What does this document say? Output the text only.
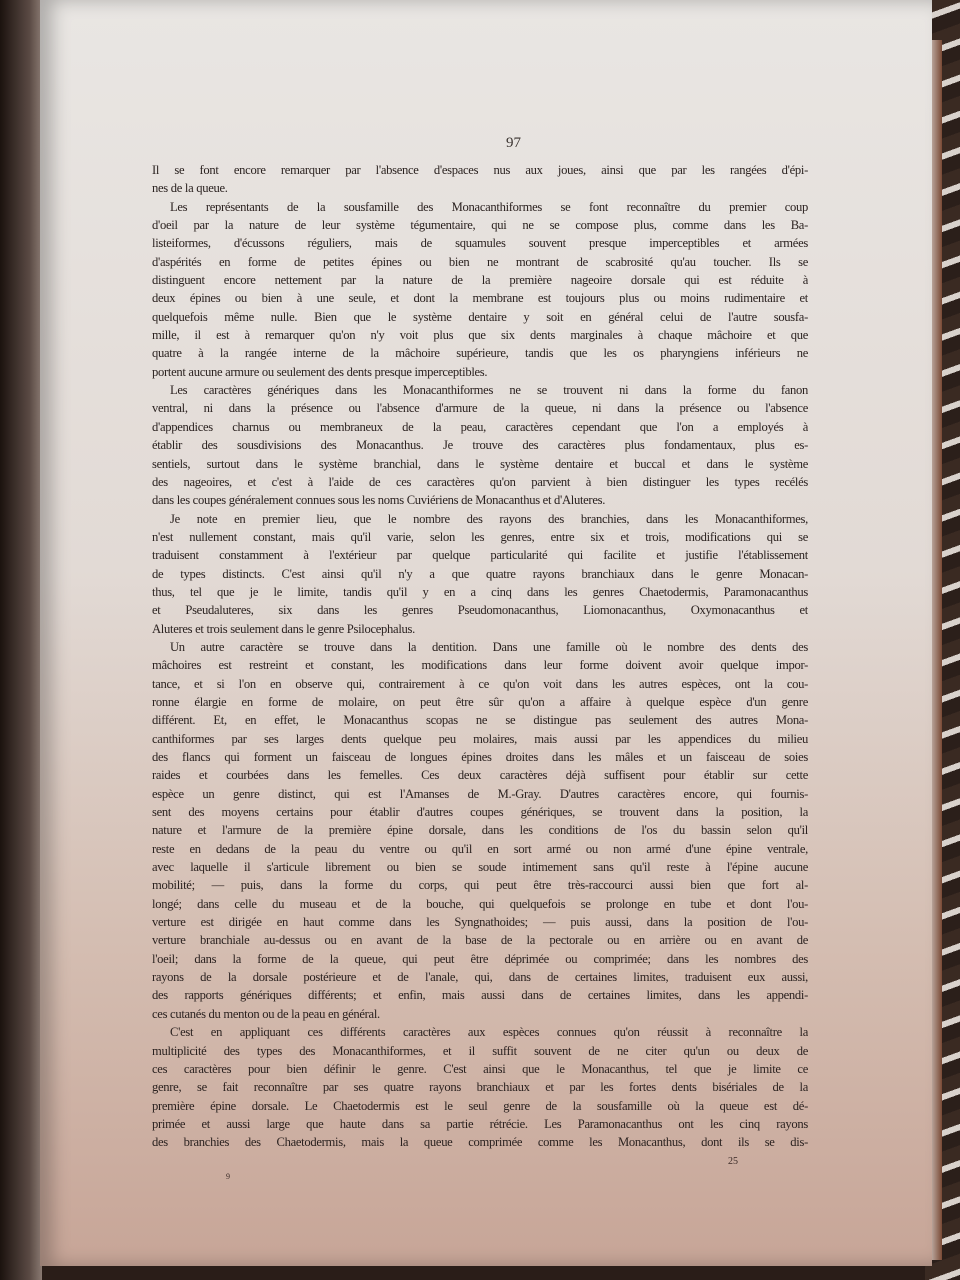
97
Il se font encore remarquer par l'absence d'espaces nus aux joues, ainsi que par les rangées d'épi-
nes de la queue.
Les représentants de la sousfamille des Monacanthiformes se font reconnaître du premier coup
d'oeil par la nature de leur système tégumentaire, qui ne se compose plus, comme dans les Ba-
listeiformes, d'écussons réguliers, mais de squamules souvent presque imperceptibles et armées
d'aspérités en forme de petites épines ou bien ne montrant de scabrosité qu'au toucher. Ils se
distinguent encore nettement par la nature de la première nageoire dorsale qui est réduite à
deux épines ou bien à une seule, et dont la membrane est toujours plus ou moins rudimentaire et
quelquefois même nulle. Bien que le système dentaire y soit en général celui de l'autre sousfa-
mille, il est à remarquer qu'on n'y voit plus que six dents marginales à chaque mâchoire et que
quatre à la rangée interne de la mâchoire supérieure, tandis que les os pharyngiens inférieurs ne
portent aucune armure ou seulement des dents presque imperceptibles.
Les caractères génériques dans les Monacanthiformes ne se trouvent ni dans la forme du fanon
ventral, ni dans la présence ou l'absence d'armure de la queue, ni dans la présence ou l'absence
d'appendices charnus ou membraneux de la peau, caractères cependant que l'on a employés à
établir des sousdivisions des Monacanthus. Je trouve des caractères plus fondamentaux, plus es-
sentiels, surtout dans le système branchial, dans le système dentaire et buccal et dans le système
des nageoires, et c'est à l'aide de ces caractères qu'on parvient à bien distinguer les types recélés
dans les coupes généralement connues sous les noms Cuviériens de Monacanthus et d'Aluteres.
Je note en premier lieu, que le nombre des rayons des branchies, dans les Monacanthiformes,
n'est nullement constant, mais qu'il varie, selon les genres, entre six et trois, modifications qui se
traduisent constamment à l'extérieur par quelque particularité qui facilite et justifie l'établissement
de types distincts. C'est ainsi qu'il n'y a que quatre rayons branchiaux dans le genre Monacan-
thus, tel que je le limite, tandis qu'il y en a cinq dans les genres Chaetodermis, Paramonacanthus
et Pseudaluteres, six dans les genres Pseudomonacanthus, Liomonacanthus, Oxymonacanthus et
Aluteres et trois seulement dans le genre Psilocephalus.
Un autre caractère se trouve dans la dentition. Dans une famille où le nombre des dents des
mâchoires est restreint et constant, les modifications dans leur forme doivent avoir quelque impor-
tance, et si l'on en observe qui, contrairement à ce qu'on voit dans les autres espèces, ont la cou-
ronne élargie en forme de molaire, on peut être sûr qu'on a affaire à quelque espèce d'un genre
différent. Et, en effet, le Monacanthus scopas ne se distingue pas seulement des autres Mona-
canthiformes par ses larges dents quelque peu molaires, mais aussi par les appendices du milieu
des flancs qui forment un faisceau de longues épines droites dans les mâles et un faisceau de soies
raides et courbées dans les femelles. Ces deux caractères déjà suffisent pour établir sur cette
espèce un genre distinct, qui est l'Amanses de M.-Gray. D'autres caractères encore, qui fournis-
sent des moyens certains pour établir d'autres coupes génériques, se trouvent dans la position, la
nature et l'armure de la première épine dorsale, dans les conditions de l'os du bassin selon qu'il
reste en dedans de la peau du ventre ou qu'il en sort armé ou non armé d'une épine ventrale,
avec laquelle il s'articule librement ou bien se soude intimement sans qu'il reste à l'épine aucune
mobilité; — puis, dans la forme du corps, qui peut être très-raccourci aussi bien que fort al-
longé; dans celle du museau et de la bouche, qui quelquefois se prolonge en tube et dont l'ou-
verture est dirigée en haut comme dans les Syngnathoides; — puis aussi, dans la position de l'ou-
verture branchiale au-dessus ou en avant de la base de la pectorale ou en arrière ou en avant de
l'oeil; dans la forme de la queue, qui peut être déprimée ou comprimée; dans les nombres des
rayons de la dorsale postérieure et de l'anale, qui, dans de certaines limites, traduisent eux aussi,
des rapports génériques différents; et enfin, mais aussi dans de certaines limites, dans les appendi-
ces cutanés du menton ou de la peau en général.
C'est en appliquant ces différents caractères aux espèces connues qu'on réussit à reconnaître la
multiplicité des types des Monacanthiformes, et il suffit souvent de ne citer qu'un ou deux de
ces caractères pour bien définir le genre. C'est ainsi que le Monacanthus, tel que je limite ce
genre, se fait reconnaître par ses quatre rayons branchiaux et par les fortes dents bisériales de la
première épine dorsale. Le Chaetodermis est le seul genre de la sousfamille où la queue est dé-
primée et aussi large que haute dans sa partie rétrécie. Les Paramonacanthus ont les cinq rayons
des branchies des Chaetodermis, mais la queue comprimée comme les Monacanthus, dont ils se dis-
25
9
